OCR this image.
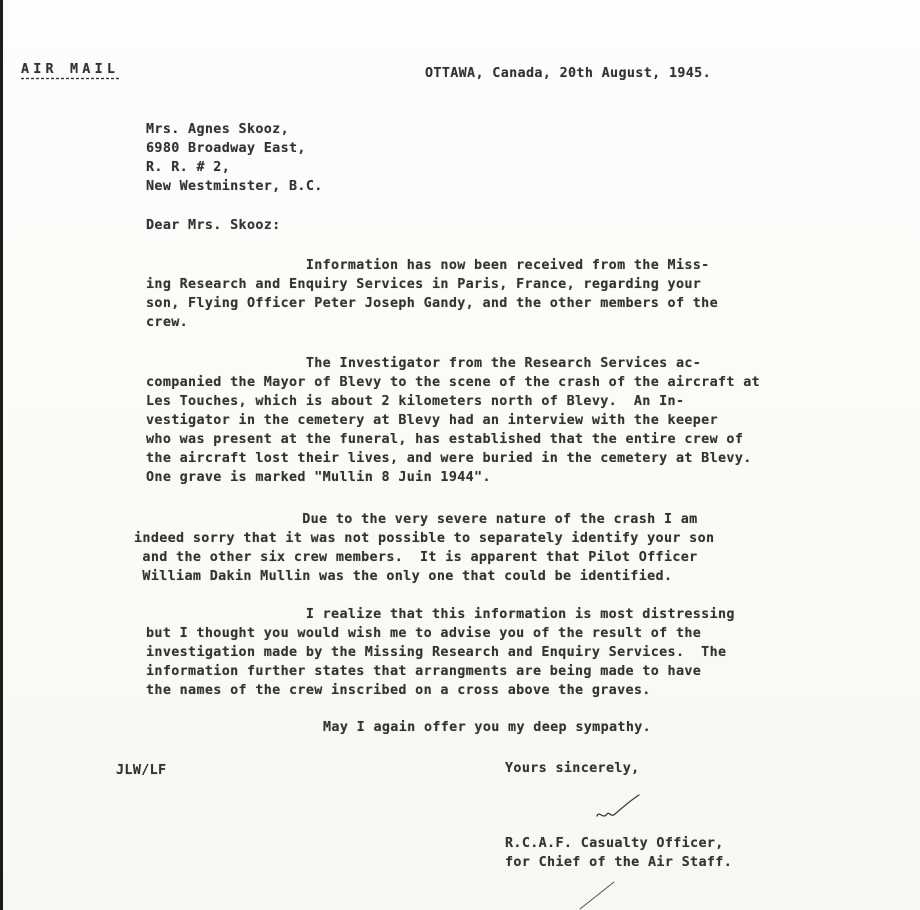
AIR MAIL	OTTAWA, Canada, 20th August, 1945.
Mrs. Agnes Skooz,
6980 Broadway East,
R. R. # 2,
New Westminster, B.C.
Dear Mrs. Skooz:
Information has now been received from the Miss-
ing Research and Enquiry Services in Paris, France, regarding your
son, Flying Officer Peter Joseph Gandy, and the other members of the
crew.
The Investigator from the Research Services ac-
companied the Mayor of Blevy to the scene of the crash of the aircraft at
Les Touches, which is about 2 kilometers north of Blevy.  An In-
vestigator in the cemetery at Blevy had an interview with the keeper
who was present at the funeral, has established that the entire crew of
the aircraft lost their lives, and were buried in the cemetery at Blevy.
One grave is marked "Mullin 8 Juin 1944".
Due to the very severe nature of the crash I am
indeed sorry that it was not possible to separately identify your son
and the other six crew members.  It is apparent that Pilot Officer
William Dakin Mullin was the only one that could be identified.
I realize that this information is most distressing
but I thought you would wish me to advise you of the result of the
investigation made by the Missing Research and Enquiry Services.  The
information further states that arrangments are being made to have
the names of the crew inscribed on a cross above the graves.
May I again offer you my deep sympathy.
JLW/LF	Yours sincerely,
R.C.A.F. Casualty Officer,
for Chief of the Air Staff.
